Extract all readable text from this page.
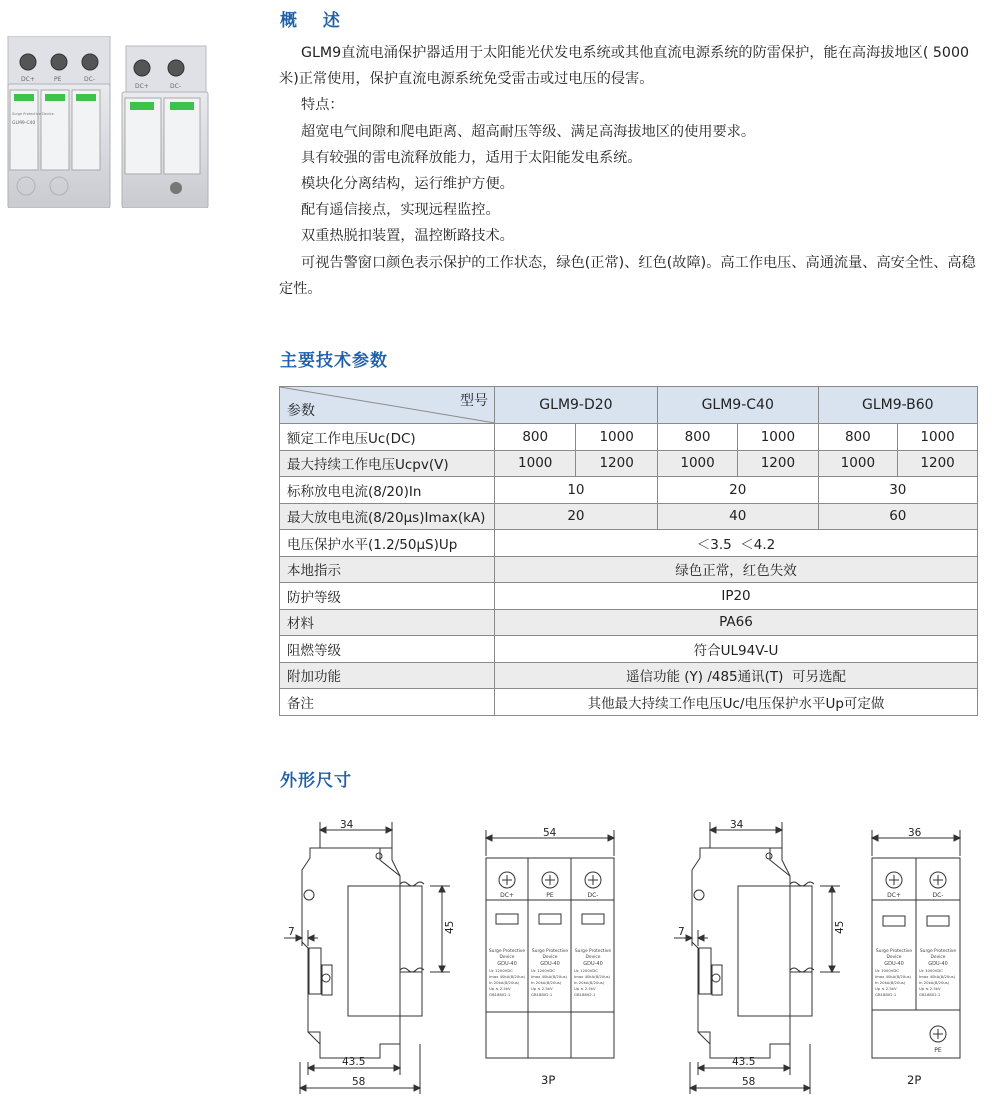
DC+	PE	DC-
Surge Protective Device
GLM9-C40
DC+	DC-
概 述

GLM9直流电涌保护器适用于太阳能光伏发电系统或其他直流电源系统的防雷保护，能在高海拔地区( 5000米)正常使用，保护直流电源系统免受雷击或过电压的侵害。

特点：

超宽电气间隙和爬电距离、超高耐压等级、满足高海拔地区的使用要求。

具有较强的雷电流释放能力，适用于太阳能发电系统。

模块化分离结构，运行维护方便。

配有遥信接点，实现远程监控。

双重热脱扣装置，温控断路技术。

可视告警窗口颜色表示保护的工作状态，绿色(正常)、红色(故障)。高工作电压、高通流量、高安全性、高稳定性。

主要技术参数
型号
参数	GLM9-D20		GLM9-C40		GLM9-B60	
额定工作电压Uc(DC)	800	1000	800	1000	800	1000
最大持续工作电压Ucpv(V)	1000	1200	1000	1200	1000	1200
标称放电电流(8/20)In	10		20		30	
最大放电电流(8/20μs)Imax(kA)	20		40		60	
电压保护水平(1.2/50μS)Up	＜3.5  ＜4.2					
本地指示	绿色正常，红色失效					
防护等级	IP20					
材料	PA66					
阻燃等级	符合UL94V-U					
附加功能	遥信功能 (Y) /485通讯(T)  可另选配					
备注	其他最大持续工作电压Uc/电压保护水平Up可定做					
外形尺寸
34
45
7
43.5
58
54
34
45
7
43.5
58
36
3P	2P
DC+	PE	DC-	DC+	DC-
PE
Surge Protective
Device
GDU-40
Surge Protective
Device
GDU-40
Surge Protective
Device
GDU-40
Surge Protective
Device
GDU-40
Surge Protective
Device
GDU-40
Uc 1200VDC
Imax 40kA(8/20us)
In 20kA(8/20us)
Up ≤ 2.5kV
GB18802.1
Uc 1200VDC
Imax 40kA(8/20us)
In 20kA(8/20us)
Up ≤ 2.5kV
GB18802.1
Uc 1200VDC
Imax 40kA(8/20us)
In 20kA(8/20us)
Up ≤ 2.5kV
GB18802.1
Uc 1000VDC
Imax 40kA(8/20us)
In 20kA(8/20us)
Up ≤ 2.5kV
GB18802.1
Uc 1000VDC
Imax 40kA(8/20us)
In 20kA(8/20us)
Up ≤ 2.5kV
GB18802.1
